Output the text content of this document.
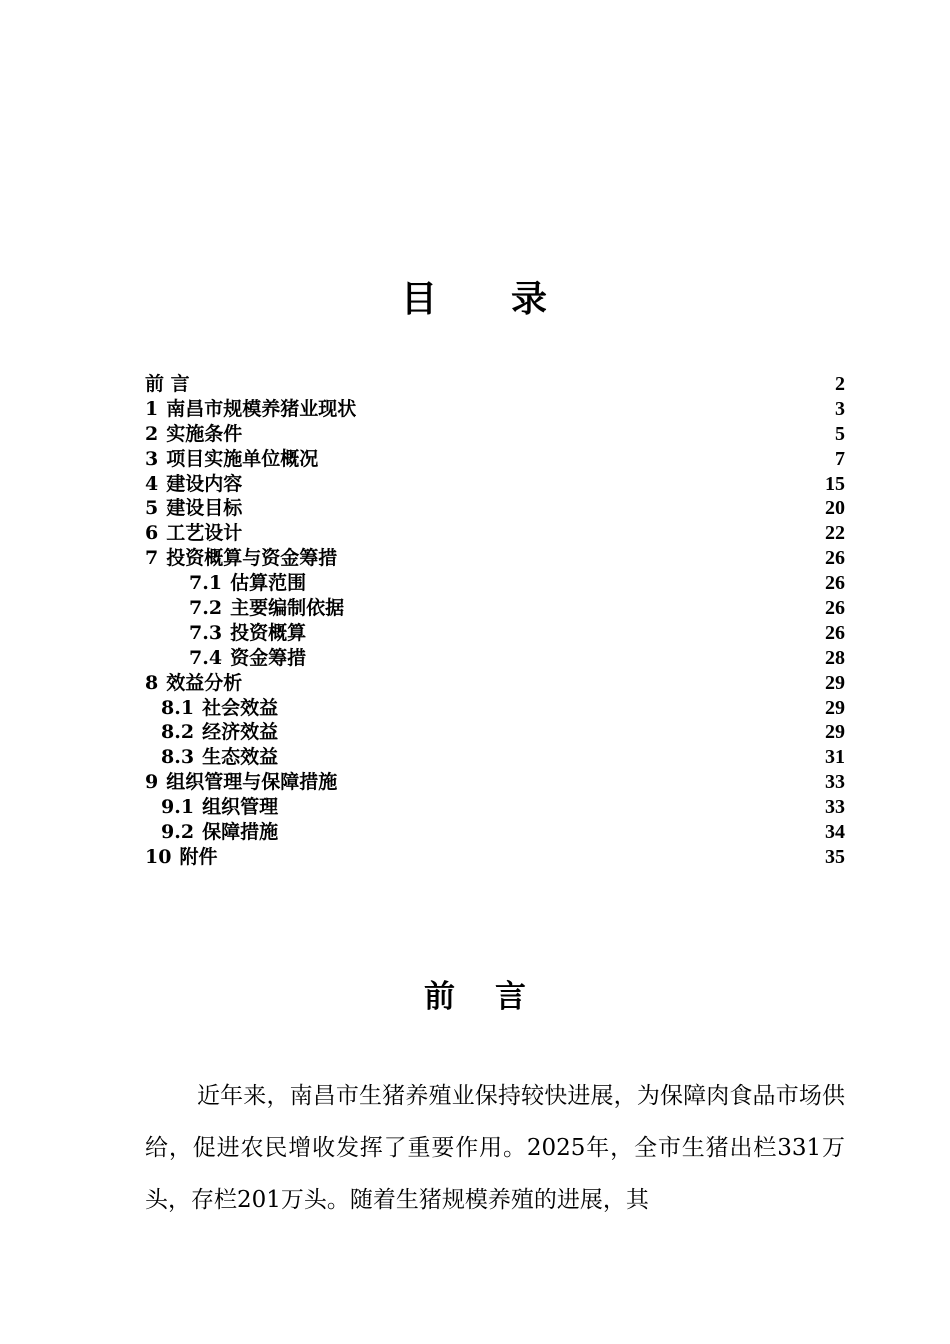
目 录
前 言	2
1 南昌市规模养猪业现状	3
2 实施条件	5
3 项目实施单位概况	7
4 建设内容	15
5 建设目标	20
6 工艺设计	22
7 投资概算与资金筹措	26
7.1 估算范围	26
7.2 主要编制依据	26
7.3 投资概算	26
7.4 资金筹措	28
8 效益分析	29
8.1 社会效益	29
8.2 经济效益	29
8.3 生态效益	31
9 组织管理与保障措施	33
9.1 组织管理	33
9.2 保障措施	34
10 附件	35
前 言

近年来，南昌市生猪养殖业保持较快进展，为保障肉食品市场供给，促进农民增收发挥了重要作用。2025年，全市生猪出栏331万头，存栏201万头。随着生猪规模养殖的进展，其
